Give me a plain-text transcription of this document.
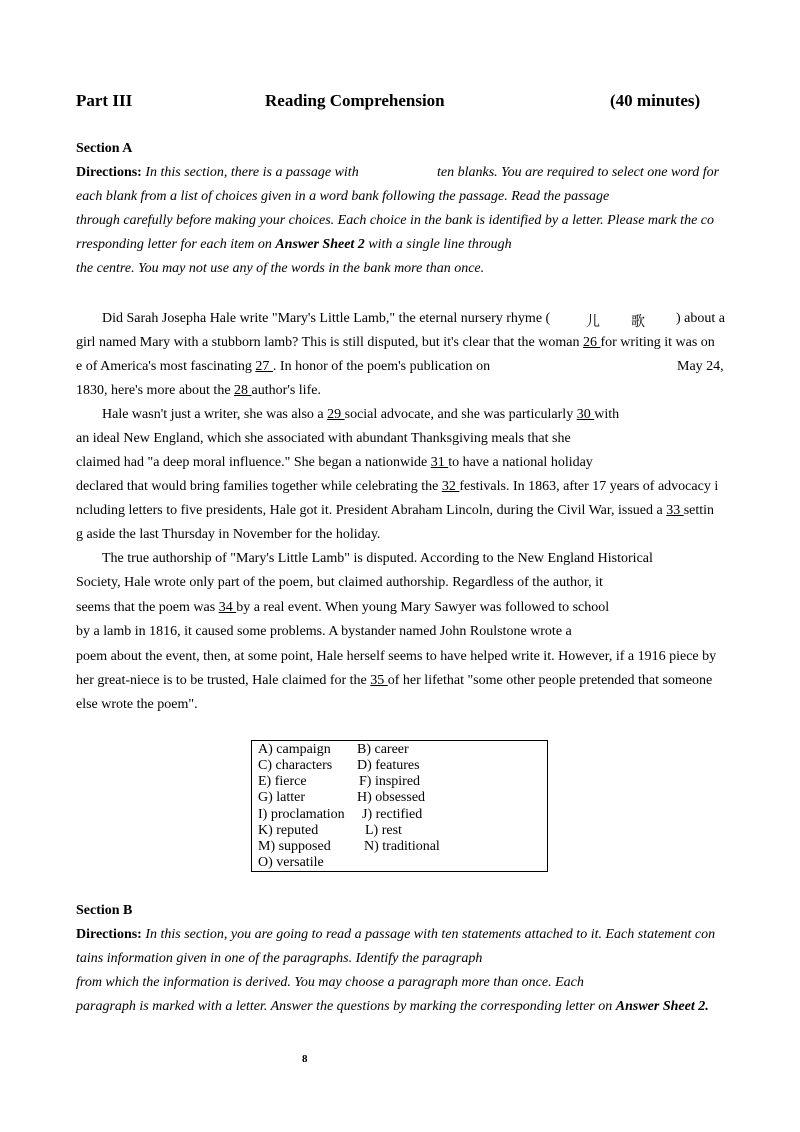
Part III	Reading Comprehension	(40 minutes)
Section A
Directions: In this section, there is a passage with	ten blanks. You are required to select one word for
each blank from a list of choices given in a word bank following the passage. Read the passage
through carefully before making your choices. Each choice in the bank is identified by a letter. Please mark the co
rresponding letter for each item on Answer Sheet 2 with a single line through
the centre. You may not use any of the words in the bank more than once.
Did Sarah Josepha Hale write "Mary's Little Lamb," the eternal nursery rhyme (	儿 歌 ) about a
girl named Mary with a stubborn lamb? This is still disputed, but it's clear that the woman 26 for writing it was on
e of America's most fascinating 27 . In honor of the poem's publication on	May 24,
1830, here's more about the 28 author's life.
Hale wasn't just a writer, she was also a 29 social advocate, and she was particularly 30 with
an ideal New England, which she associated with abundant Thanksgiving meals that she
claimed had "a deep moral influence." She began a nationwide 31 to have a national holiday
declared that would bring families together while celebrating the 32 festivals. In 1863, after 17 years of advocacy i
ncluding letters to five presidents, Hale got it. President Abraham Lincoln, during the Civil War, issued a 33 settin
g aside the last Thursday in November for the holiday.
The true authorship of "Mary's Little Lamb" is disputed. According to the New England Historical
Society, Hale wrote only part of the poem, but claimed authorship. Regardless of the author, it
seems that the poem was 34 by a real event. When young Mary Sawyer was followed to school
by a lamb in 1816, it caused some problems. A bystander named John Roulstone wrote a
poem about the event, then, at some point, Hale herself seems to have helped write it. However, if a 1916 piece by
her great-niece is to be trusted, Hale claimed for the 35 of her lifethat "some other people pretended that someone
else wrote the poem".
A) campaign B) career
C) characters D) features
E) fierce	F) inspired
G) latter	H) obsessed
I) proclamation J) rectified
K) reputed	L) rest
M) supposed N) traditional
O) versatile
Section B
Directions: In this section, you are going to read a passage with ten statements attached to it. Each statement con
tains information given in one of the paragraphs. Identify the paragraph
from which the information is derived. You may choose a paragraph more than once. Each
paragraph is marked with a letter. Answer the questions by marking the corresponding letter on Answer Sheet 2.
8
